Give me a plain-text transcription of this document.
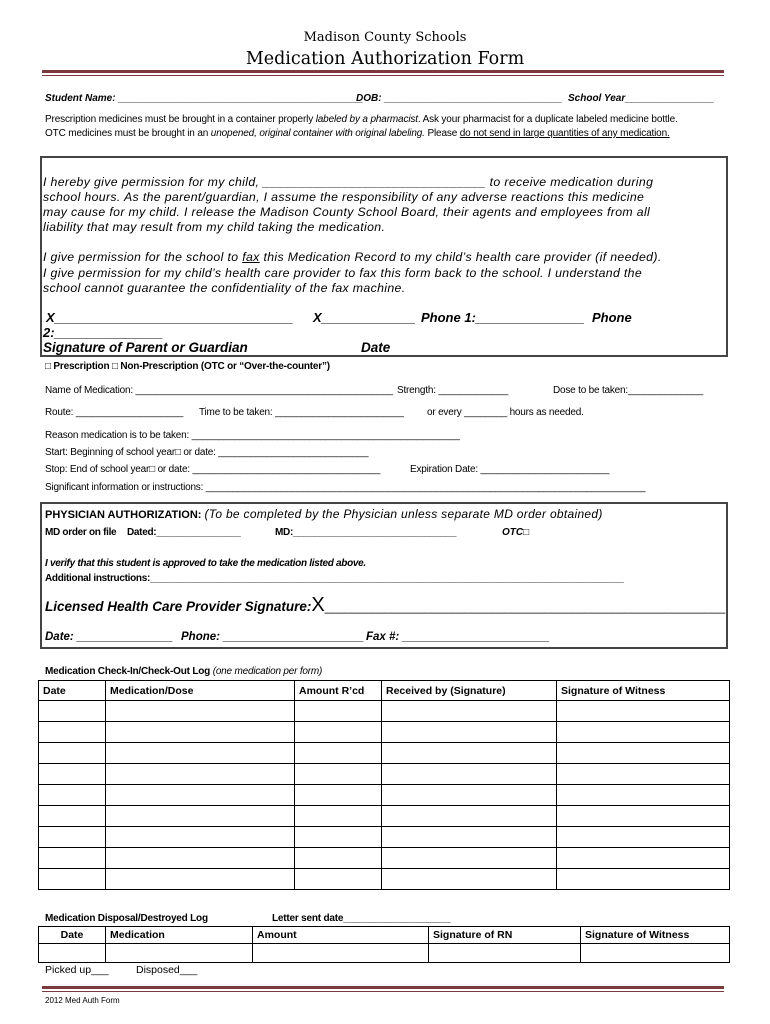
Madison County Schools
Medication Authorization Form
Student Name: ____________________________________________
DOB: ________________________________ School Year________________
Prescription medicines must be brought in a container properly labeled by a pharmacist. Ask your pharmacist for a duplicate labeled medicine bottle.
OTC medicines must be brought in an unopened, original container with original labeling. Please do not send in large quantities of any medication.
I hereby give permission for my child, _______________________________ to receive medication during
school hours. As the parent/guardian, I assume the responsibility of any adverse reactions this medicine
may cause for my child. I release the Madison County School Board, their agents and employees from all
liability that may result from my child taking the medication.
I give permission for the school to fax this Medication Record to my child’s health care provider (if needed).
I give permission for my child’s health care provider to fax this form back to the school. I understand the
school cannot guarantee the confidentiality of the fax machine.
X_________________________________ X_____________ Phone 1:_______________ Phone
2:_______________
Signature of Parent or Guardian	Date
□ Prescription □ Non-Prescription (OTC or “Over-the-counter”)
Name of Medication: ________________________________________________ Strength: _____________	Dose to be taken:______________
Route: ____________________ Time to be taken: ________________________ or every ________ hours as needed.
Reason medication is to be taken: __________________________________________________
Start: Beginning of school year□ or date: ____________________________
Stop: End of school year□ or date: ___________________________________	Expiration Date: ________________________
Significant information or instructions: __________________________________________________________________________________
PHYSICIAN AUTHORIZATION: (To be completed by the Physician unless separate MD order obtained)
MD order on file Dated:________________	MD:_______________________________	OTC□
I verify that this student is approved to take the medication listed above.
Additional instructions:__________________________________________________________________________________________
Licensed Health Care Provider Signature:X____________________________________________________________
Date: _______________ Phone: ______________________ Fax #: _______________________
Medication Check-In/Check-Out Log (one medication per form)
Date	Medication/Dose	Amount R’cd	Received by (Signature)	Signature of Witness

Medication Disposal/Destroyed Log	Letter sent date____________________
Date	Medication	Amount	Signature of RN	Signature of Witness

Picked up___	Disposed___
2012 Med Auth Form
